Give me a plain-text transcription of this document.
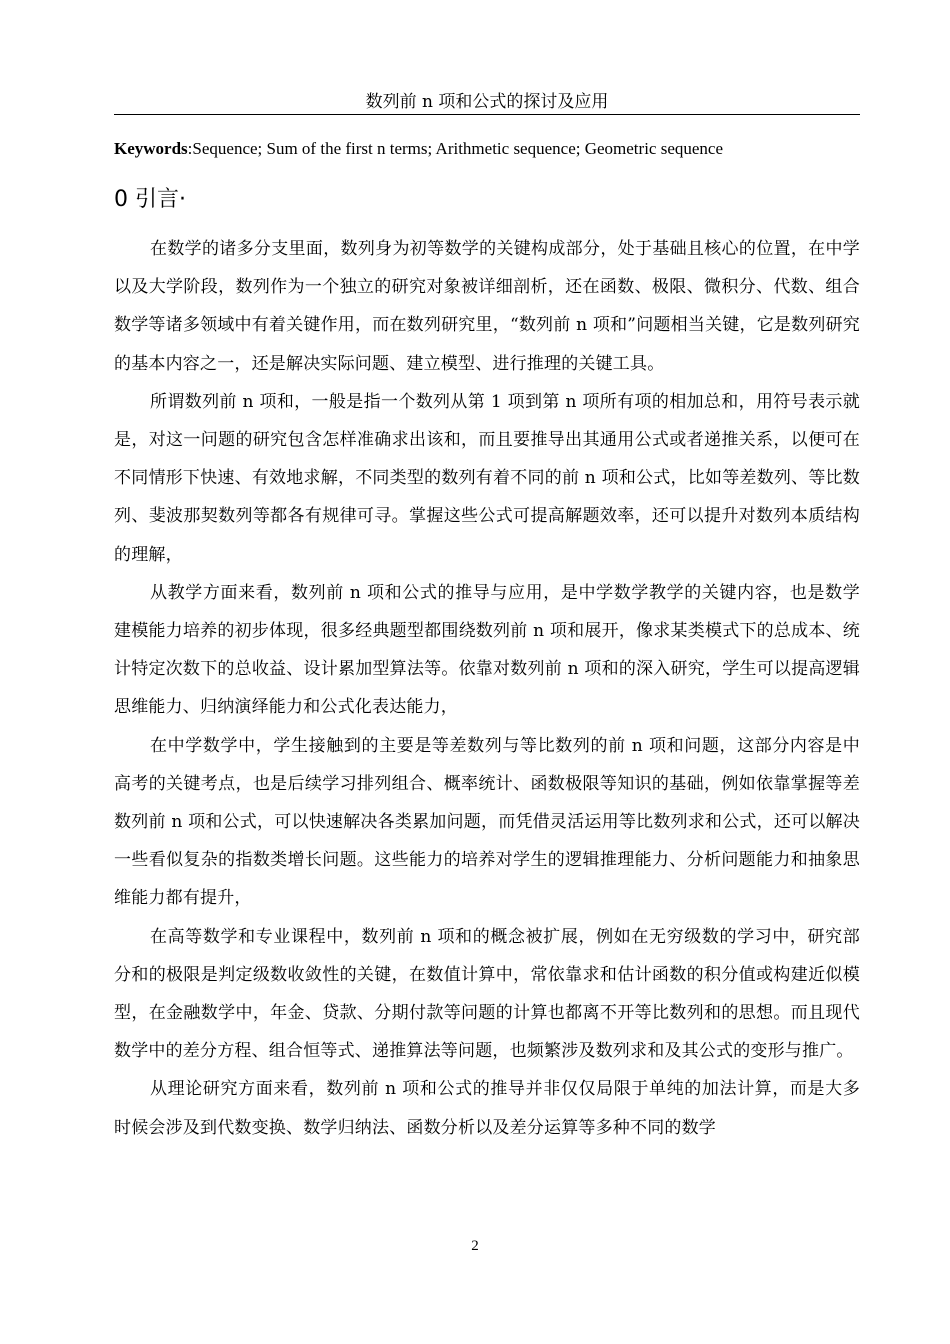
数列前 n 项和公式的探讨及应用
Keywords:Sequence; Sum of the first n terms; Arithmetic sequence; Geometric sequence
0 引言·

在数学的诸多分支里面，数列身为初等数学的关键构成部分，处于基础且核心的位置，在中学以及大学阶段，数列作为一个独立的研究对象被详细剖析，还在函数、极限、微积分、代数、组合数学等诸多领域中有着关键作用，而在数列研究里，“数列前 n 项和”问题相当关键，它是数列研究的基本内容之一，还是解决实际问题、建立模型、进行推理的关键工具。

所谓数列前 n 项和，一般是指一个数列从第 1 项到第 n 项所有项的相加总和，用符号表示就是，对这一问题的研究包含怎样准确求出该和，而且要推导出其通用公式或者递推关系，以便可在不同情形下快速、有效地求解，不同类型的数列有着不同的前 n 项和公式，比如等差数列、等比数列、斐波那契数列等都各有规律可寻。掌握这些公式可提高解题效率，还可以提升对数列本质结构的理解，

从教学方面来看，数列前 n 项和公式的推导与应用，是中学数学教学的关键内容，也是数学建模能力培养的初步体现，很多经典题型都围绕数列前 n 项和展开，像求某类模式下的总成本、统计特定次数下的总收益、设计累加型算法等。依靠对数列前 n 项和的深入研究，学生可以提高逻辑思维能力、归纳演绎能力和公式化表达能力，

在中学数学中，学生接触到的主要是等差数列与等比数列的前 n 项和问题，这部分内容是中高考的关键考点，也是后续学习排列组合、概率统计、函数极限等知识的基础，例如依靠掌握等差数列前 n 项和公式，可以快速解决各类累加问题，而凭借灵活运用等比数列求和公式，还可以解决一些看似复杂的指数类增长问题。这些能力的培养对学生的逻辑推理能力、分析问题能力和抽象思维能力都有提升，

在高等数学和专业课程中，数列前 n 项和的概念被扩展，例如在无穷级数的学习中，研究部分和的极限是判定级数收敛性的关键，在数值计算中，常依靠求和估计函数的积分值或构建近似模型，在金融数学中，年金、贷款、分期付款等问题的计算也都离不开等比数列和的思想。而且现代数学中的差分方程、组合恒等式、递推算法等问题，也频繁涉及数列求和及其公式的变形与推广。

从理论研究方面来看，数列前 n 项和公式的推导并非仅仅局限于单纯的加法计算，而是大多时候会涉及到代数变换、数学归纳法、函数分析以及差分运算等多种不同的数学

2
